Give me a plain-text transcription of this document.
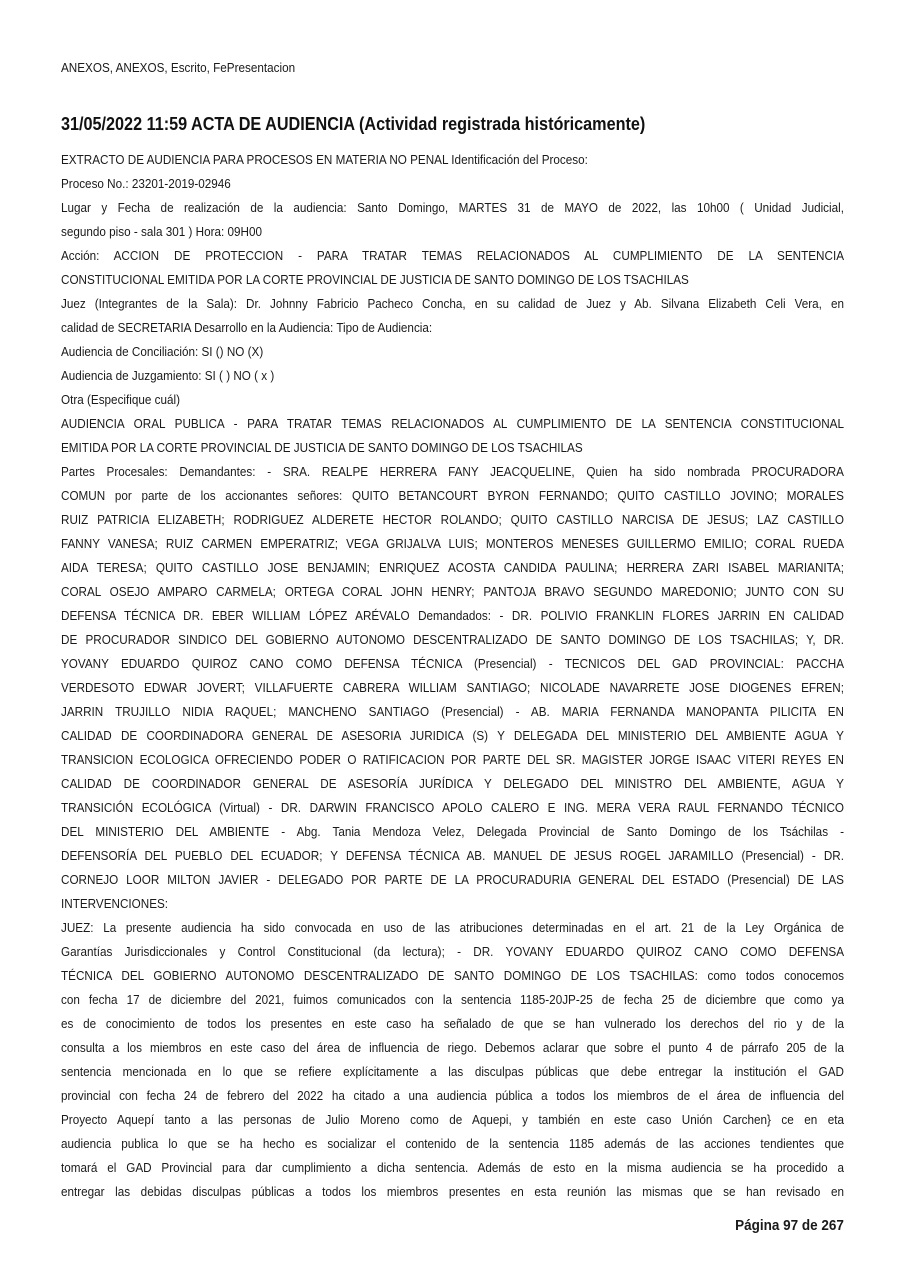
ANEXOS, ANEXOS, Escrito, FePresentacion
31/05/2022 11:59 ACTA DE AUDIENCIA (Actividad registrada históricamente)
EXTRACTO DE AUDIENCIA PARA PROCESOS EN MATERIA NO PENAL Identificación del Proceso:
Proceso No.: 23201-2019-02946
Lugar y Fecha de realización de la audiencia: Santo Domingo, MARTES 31 de MAYO de 2022, las 10h00 ( Unidad Judicial,
segundo piso - sala 301 ) Hora: 09H00
Acción: ACCION DE PROTECCION - PARA TRATAR TEMAS RELACIONADOS AL CUMPLIMIENTO DE LA SENTENCIA
CONSTITUCIONAL EMITIDA POR LA CORTE PROVINCIAL DE JUSTICIA DE SANTO DOMINGO DE LOS TSACHILAS
Juez (Integrantes de la Sala): Dr. Johnny Fabricio Pacheco Concha, en su calidad de Juez y Ab. Silvana Elizabeth Celi Vera, en
calidad de SECRETARIA Desarrollo en la Audiencia: Tipo de Audiencia:
Audiencia de Conciliación: SI () NO (X)
Audiencia de Juzgamiento: SI ( ) NO ( x )
Otra (Especifique cuál)
AUDIENCIA ORAL PUBLICA - PARA TRATAR TEMAS RELACIONADOS AL CUMPLIMIENTO DE LA SENTENCIA CONSTITUCIONAL
EMITIDA POR LA CORTE PROVINCIAL DE JUSTICIA DE SANTO DOMINGO DE LOS TSACHILAS
Partes Procesales: Demandantes: - SRA. REALPE HERRERA FANY JEACQUELINE, Quien ha sido nombrada PROCURADORA
COMUN por parte de los accionantes señores: QUITO BETANCOURT BYRON FERNANDO; QUITO CASTILLO JOVINO; MORALES
RUIZ PATRICIA ELIZABETH; RODRIGUEZ ALDERETE HECTOR ROLANDO; QUITO CASTILLO NARCISA DE JESUS; LAZ CASTILLO
FANNY VANESA; RUIZ CARMEN EMPERATRIZ; VEGA GRIJALVA LUIS; MONTEROS MENESES GUILLERMO EMILIO; CORAL RUEDA
AIDA TERESA; QUITO CASTILLO JOSE BENJAMIN; ENRIQUEZ ACOSTA CANDIDA PAULINA; HERRERA ZARI ISABEL MARIANITA;
CORAL OSEJO AMPARO CARMELA; ORTEGA CORAL JOHN HENRY; PANTOJA BRAVO SEGUNDO MAREDONIO; JUNTO CON SU
DEFENSA TÉCNICA DR. EBER WILLIAM LÓPEZ ARÉVALO Demandados: - DR. POLIVIO FRANKLIN FLORES JARRIN EN CALIDAD
DE PROCURADOR SINDICO DEL GOBIERNO AUTONOMO DESCENTRALIZADO DE SANTO DOMINGO DE LOS TSACHILAS; Y, DR.
YOVANY EDUARDO QUIROZ CANO COMO DEFENSA TÉCNICA (Presencial) - TECNICOS DEL GAD PROVINCIAL: PACCHA
VERDESOTO EDWAR JOVERT; VILLAFUERTE CABRERA WILLIAM SANTIAGO; NICOLADE NAVARRETE JOSE DIOGENES EFREN;
JARRIN TRUJILLO NIDIA RAQUEL; MANCHENO SANTIAGO (Presencial) - AB. MARIA FERNANDA MANOPANTA PILICITA EN
CALIDAD DE COORDINADORA GENERAL DE ASESORIA JURIDICA (S) Y DELEGADA DEL MINISTERIO DEL AMBIENTE AGUA Y
TRANSICION ECOLOGICA OFRECIENDO PODER O RATIFICACION POR PARTE DEL SR. MAGISTER JORGE ISAAC VITERI REYES EN
CALIDAD DE COORDINADOR GENERAL DE ASESORÍA JURÍDICA Y DELEGADO DEL MINISTRO DEL AMBIENTE, AGUA Y
TRANSICIÓN ECOLÓGICA (Virtual) - DR. DARWIN FRANCISCO APOLO CALERO E ING. MERA VERA RAUL FERNANDO TÉCNICO
DEL MINISTERIO DEL AMBIENTE - Abg. Tania Mendoza Velez, Delegada Provincial de Santo Domingo de los Tsáchilas -
DEFENSORÍA DEL PUEBLO DEL ECUADOR; Y DEFENSA TÉCNICA AB. MANUEL DE JESUS ROGEL JARAMILLO (Presencial) - DR.
CORNEJO LOOR MILTON JAVIER - DELEGADO POR PARTE DE LA PROCURADURIA GENERAL DEL ESTADO (Presencial) DE LAS
INTERVENCIONES:
JUEZ: La presente audiencia ha sido convocada en uso de las atribuciones determinadas en el art. 21 de la Ley Orgánica de
Garantías Jurisdiccionales y Control Constitucional (da lectura); - DR. YOVANY EDUARDO QUIROZ CANO COMO DEFENSA
TÉCNICA DEL GOBIERNO AUTONOMO DESCENTRALIZADO DE SANTO DOMINGO DE LOS TSACHILAS: como todos conocemos
con fecha 17 de diciembre del 2021, fuimos comunicados con la sentencia 1185-20JP-25 de fecha 25 de diciembre que como ya
es de conocimiento de todos los presentes en este caso ha señalado de que se han vulnerado los derechos del rio y de la
consulta a los miembros en este caso del área de influencia de riego. Debemos aclarar que sobre el punto 4 de párrafo 205 de la
sentencia mencionada en lo que se refiere explícitamente a las disculpas públicas que debe entregar la institución el GAD
provincial con fecha 24 de febrero del 2022 ha citado a una audiencia pública a todos los miembros de el área de influencia del
Proyecto Aquepí tanto a las personas de Julio Moreno como de Aquepi, y también en este caso Unión Carchen} ce en eta
audiencia publica lo que se ha hecho es socializar el contenido de la sentencia 1185 además de las acciones tendientes que
tomará el GAD Provincial para dar cumplimiento a dicha sentencia. Además de esto en la misma audiencia se ha procedido a
entregar las debidas disculpas públicas a todos los miembros presentes en esta reunión las mismas que se han revisado en
Página 97 de 267
